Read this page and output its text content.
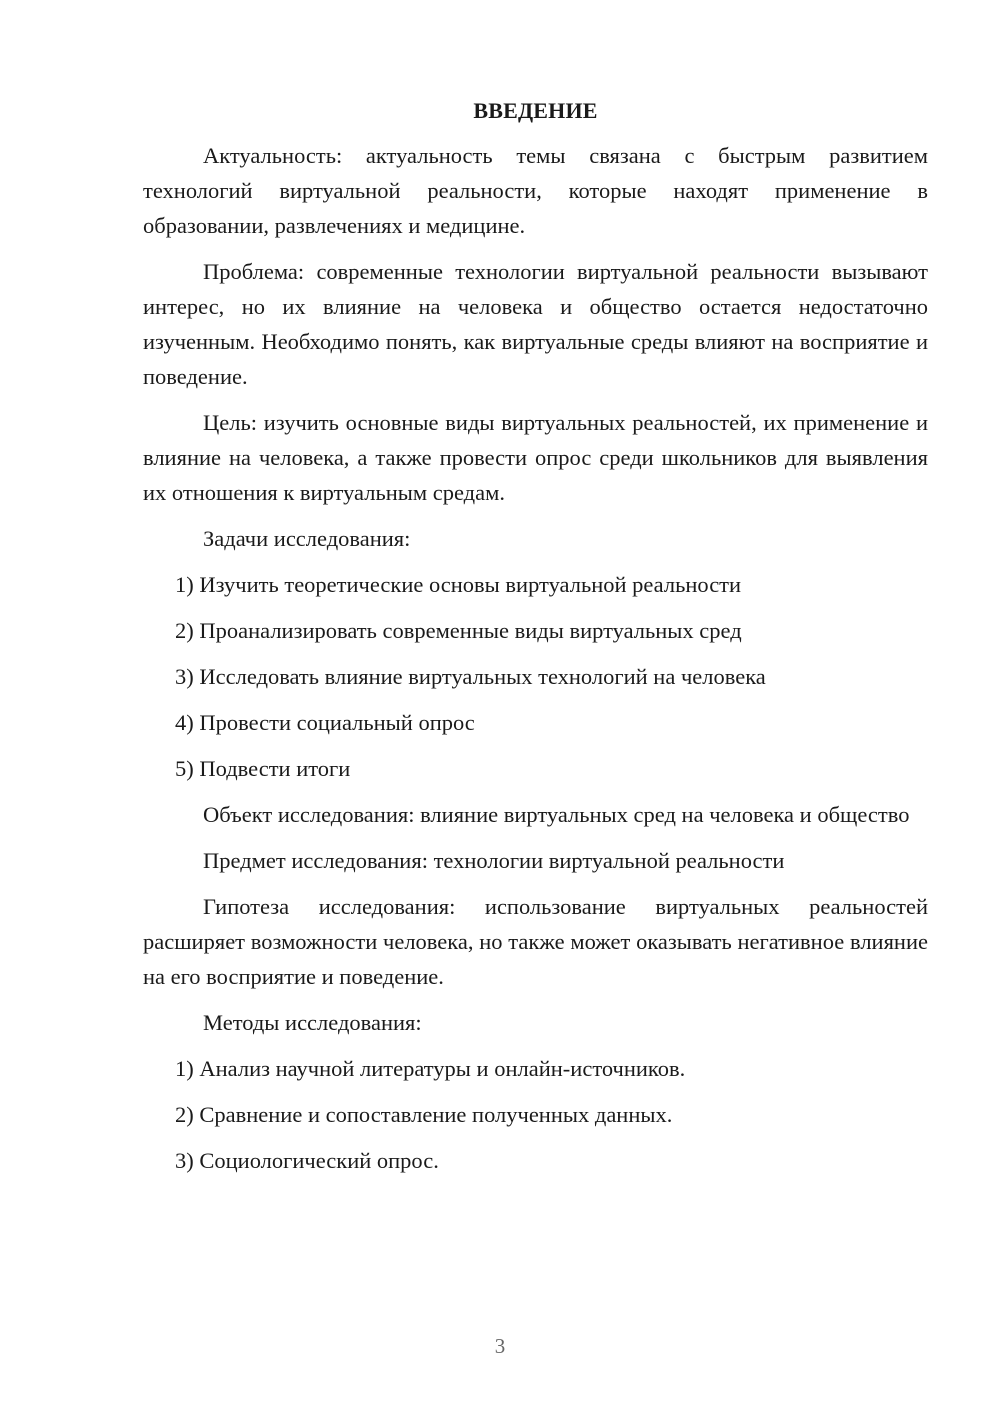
ВВЕДЕНИЕ

Актуальность: актуальность темы связана с быстрым развитием технологий виртуальной реальности, которые находят применение в образовании, развлечениях и медицине.

Проблема: современные технологии виртуальной реальности вызывают интерес, но их влияние на человека и общество остается недостаточно изученным. Необходимо понять, как виртуальные среды влияют на восприятие и поведение.

Цель: изучить основные виды виртуальных реальностей, их применение и влияние на человека, а также провести опрос среди школьников для выявления их отношения к виртуальным средам.

Задачи исследования:
1) Изучить теоретические основы виртуальной реальности
2) Проанализировать современные виды виртуальных сред
3) Исследовать влияние виртуальных технологий на человека
4) Провести социальный опрос
5) Подвести итоги

Объект исследования: влияние виртуальных сред на человека и общество

Предмет исследования: технологии виртуальной реальности

Гипотеза исследования: использование виртуальных реальностей расширяет возможности человека, но также может оказывать негативное влияние на его восприятие и поведение.

Методы исследования:
1) Анализ научной литературы и онлайн-источников.
2) Сравнение и сопоставление полученных данных.
3) Социологический опрос.
3
